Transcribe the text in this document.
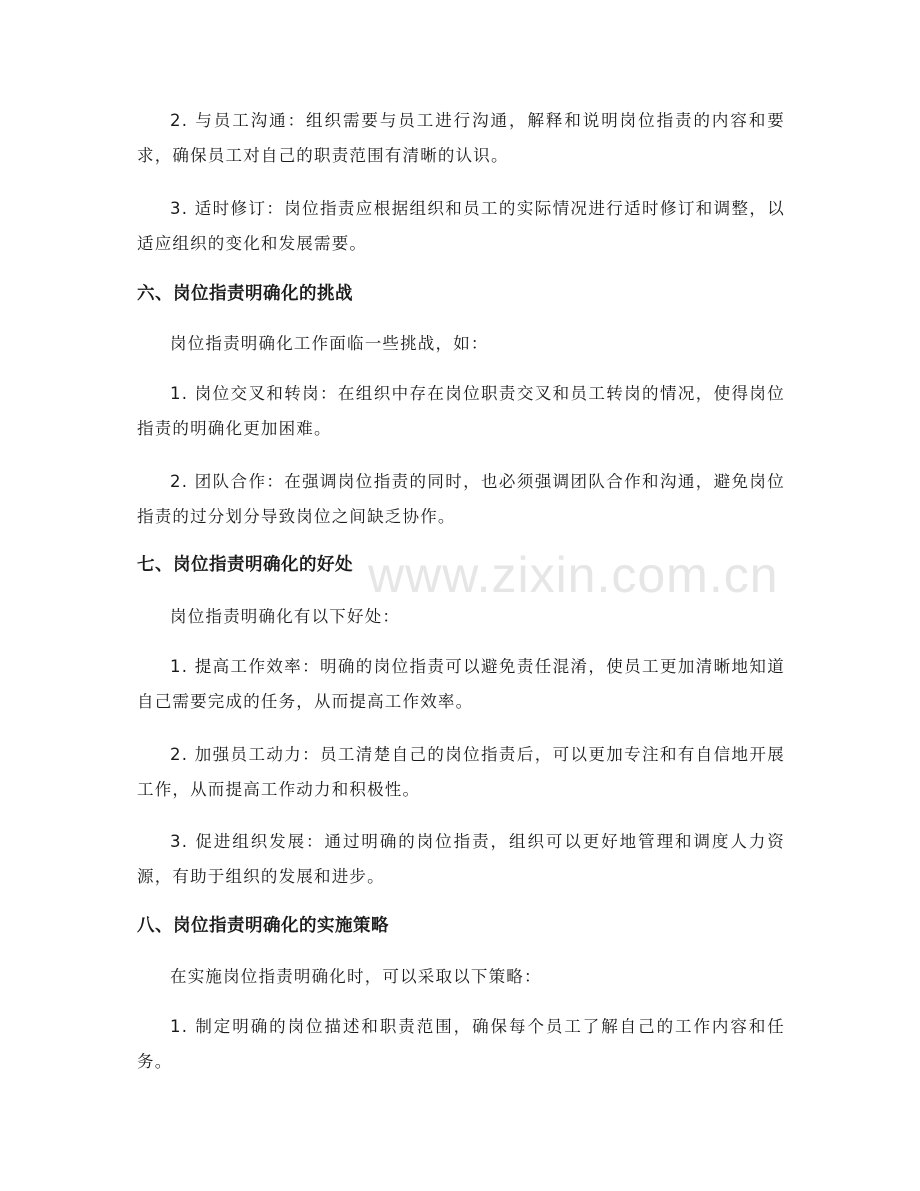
www.zixin.com.cn

2. 与员工沟通：组织需要与员工进行沟通，解释和说明岗位指责的内容和要求，确保员工对自己的职责范围有清晰的认识。

3. 适时修订：岗位指责应根据组织和员工的实际情况进行适时修订和调整，以适应组织的变化和发展需要。

六、岗位指责明确化的挑战

岗位指责明确化工作面临一些挑战，如：

1. 岗位交叉和转岗：在组织中存在岗位职责交叉和员工转岗的情况，使得岗位指责的明确化更加困难。

2. 团队合作：在强调岗位指责的同时，也必须强调团队合作和沟通，避免岗位指责的过分划分导致岗位之间缺乏协作。

七、岗位指责明确化的好处

岗位指责明确化有以下好处：

1. 提高工作效率：明确的岗位指责可以避免责任混淆，使员工更加清晰地知道自己需要完成的任务，从而提高工作效率。

2. 加强员工动力：员工清楚自己的岗位指责后，可以更加专注和有自信地开展工作，从而提高工作动力和积极性。

3. 促进组织发展：通过明确的岗位指责，组织可以更好地管理和调度人力资源，有助于组织的发展和进步。

八、岗位指责明确化的实施策略

在实施岗位指责明确化时，可以采取以下策略：

1. 制定明确的岗位描述和职责范围，确保每个员工了解自己的工作内容和任务。
